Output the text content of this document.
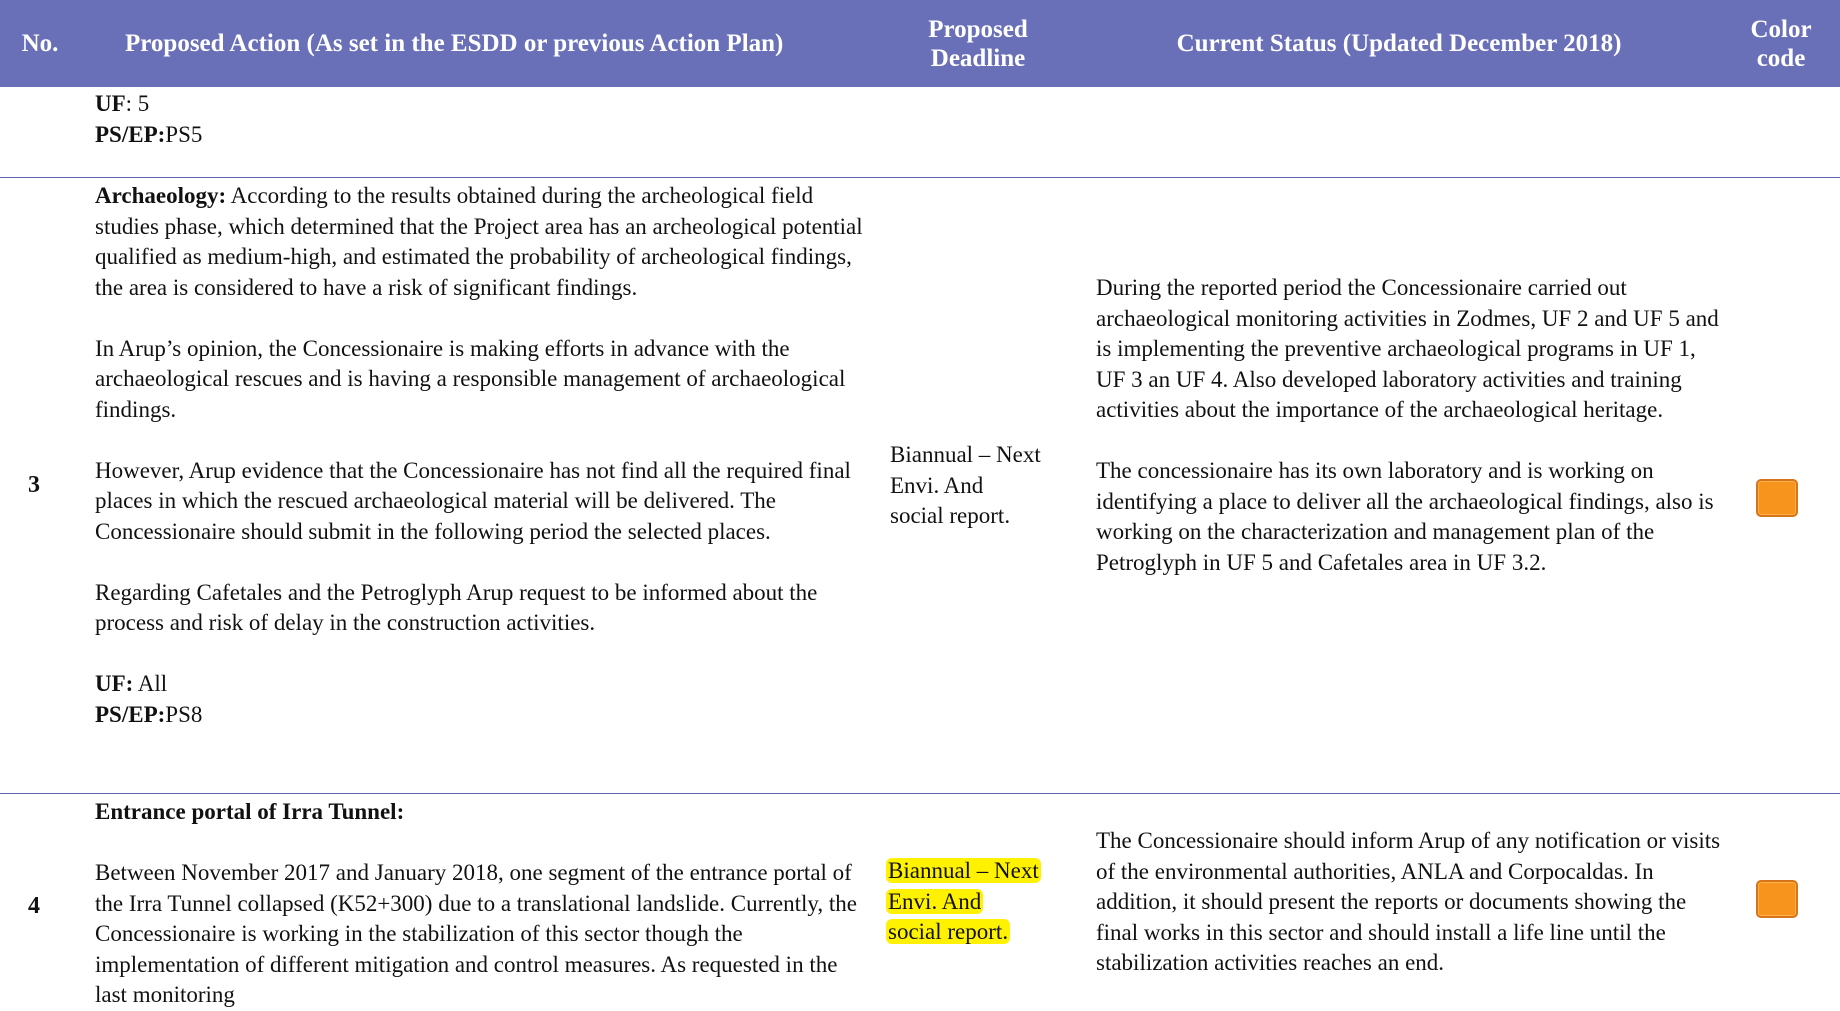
No.	Proposed Action (As set in the ESDD or previous Action Plan)
Proposed
Deadline
Current Status (Updated December 2018)
Color
code

UF: 5

PS/EP:PS5

3

Archaeology: According to the results obtained during the archeological field studies phase, which determined that the Project area has an archeological potential qualified as medium-high, and estimated the probability of archeological findings, the area is considered to have a risk of significant findings.

In Arup’s opinion, the Concessionaire is making efforts in advance with the archaeological rescues and is having a responsible management of archaeological findings.

However, Arup evidence that the Concessionaire has not find all the required final places in which the rescued archaeological material will be delivered. The Concessionaire should submit in the following period the selected places.

Regarding Cafetales and the Petroglyph Arup request to be informed about the process and risk of delay in the construction activities.

UF: All

PS/EP:PS8

Biannual – Next

Envi. And

social report.

During the reported period the Concessionaire carried out archaeological monitoring activities in Zodmes, UF 2 and UF 5 and is implementing the preventive archaeological programs in UF 1, UF 3 an UF 4. Also developed laboratory activities and training activities about the importance of the archaeological heritage.

The concessionaire has its own laboratory and is working on identifying a place to deliver all the archaeological findings, also is working on the characterization and management plan of the Petroglyph in UF 5 and Cafetales area in UF 3.2.

4

Entrance portal of Irra Tunnel:

Between November 2017 and January 2018, one segment of the entrance portal of the Irra Tunnel collapsed (K52+300) due to a translational landslide. Currently, the Concessionaire is working in the stabilization of this sector though the implementation of different mitigation and control measures. As requested in the last monitoring

Biannual – Next

Envi. And

social report.

The Concessionaire should inform Arup of any notification or visits of the environmental authorities, ANLA and Corpocaldas. In addition, it should present the reports or documents showing the final works in this sector and should install a life line until the stabilization activities reaches an end.
